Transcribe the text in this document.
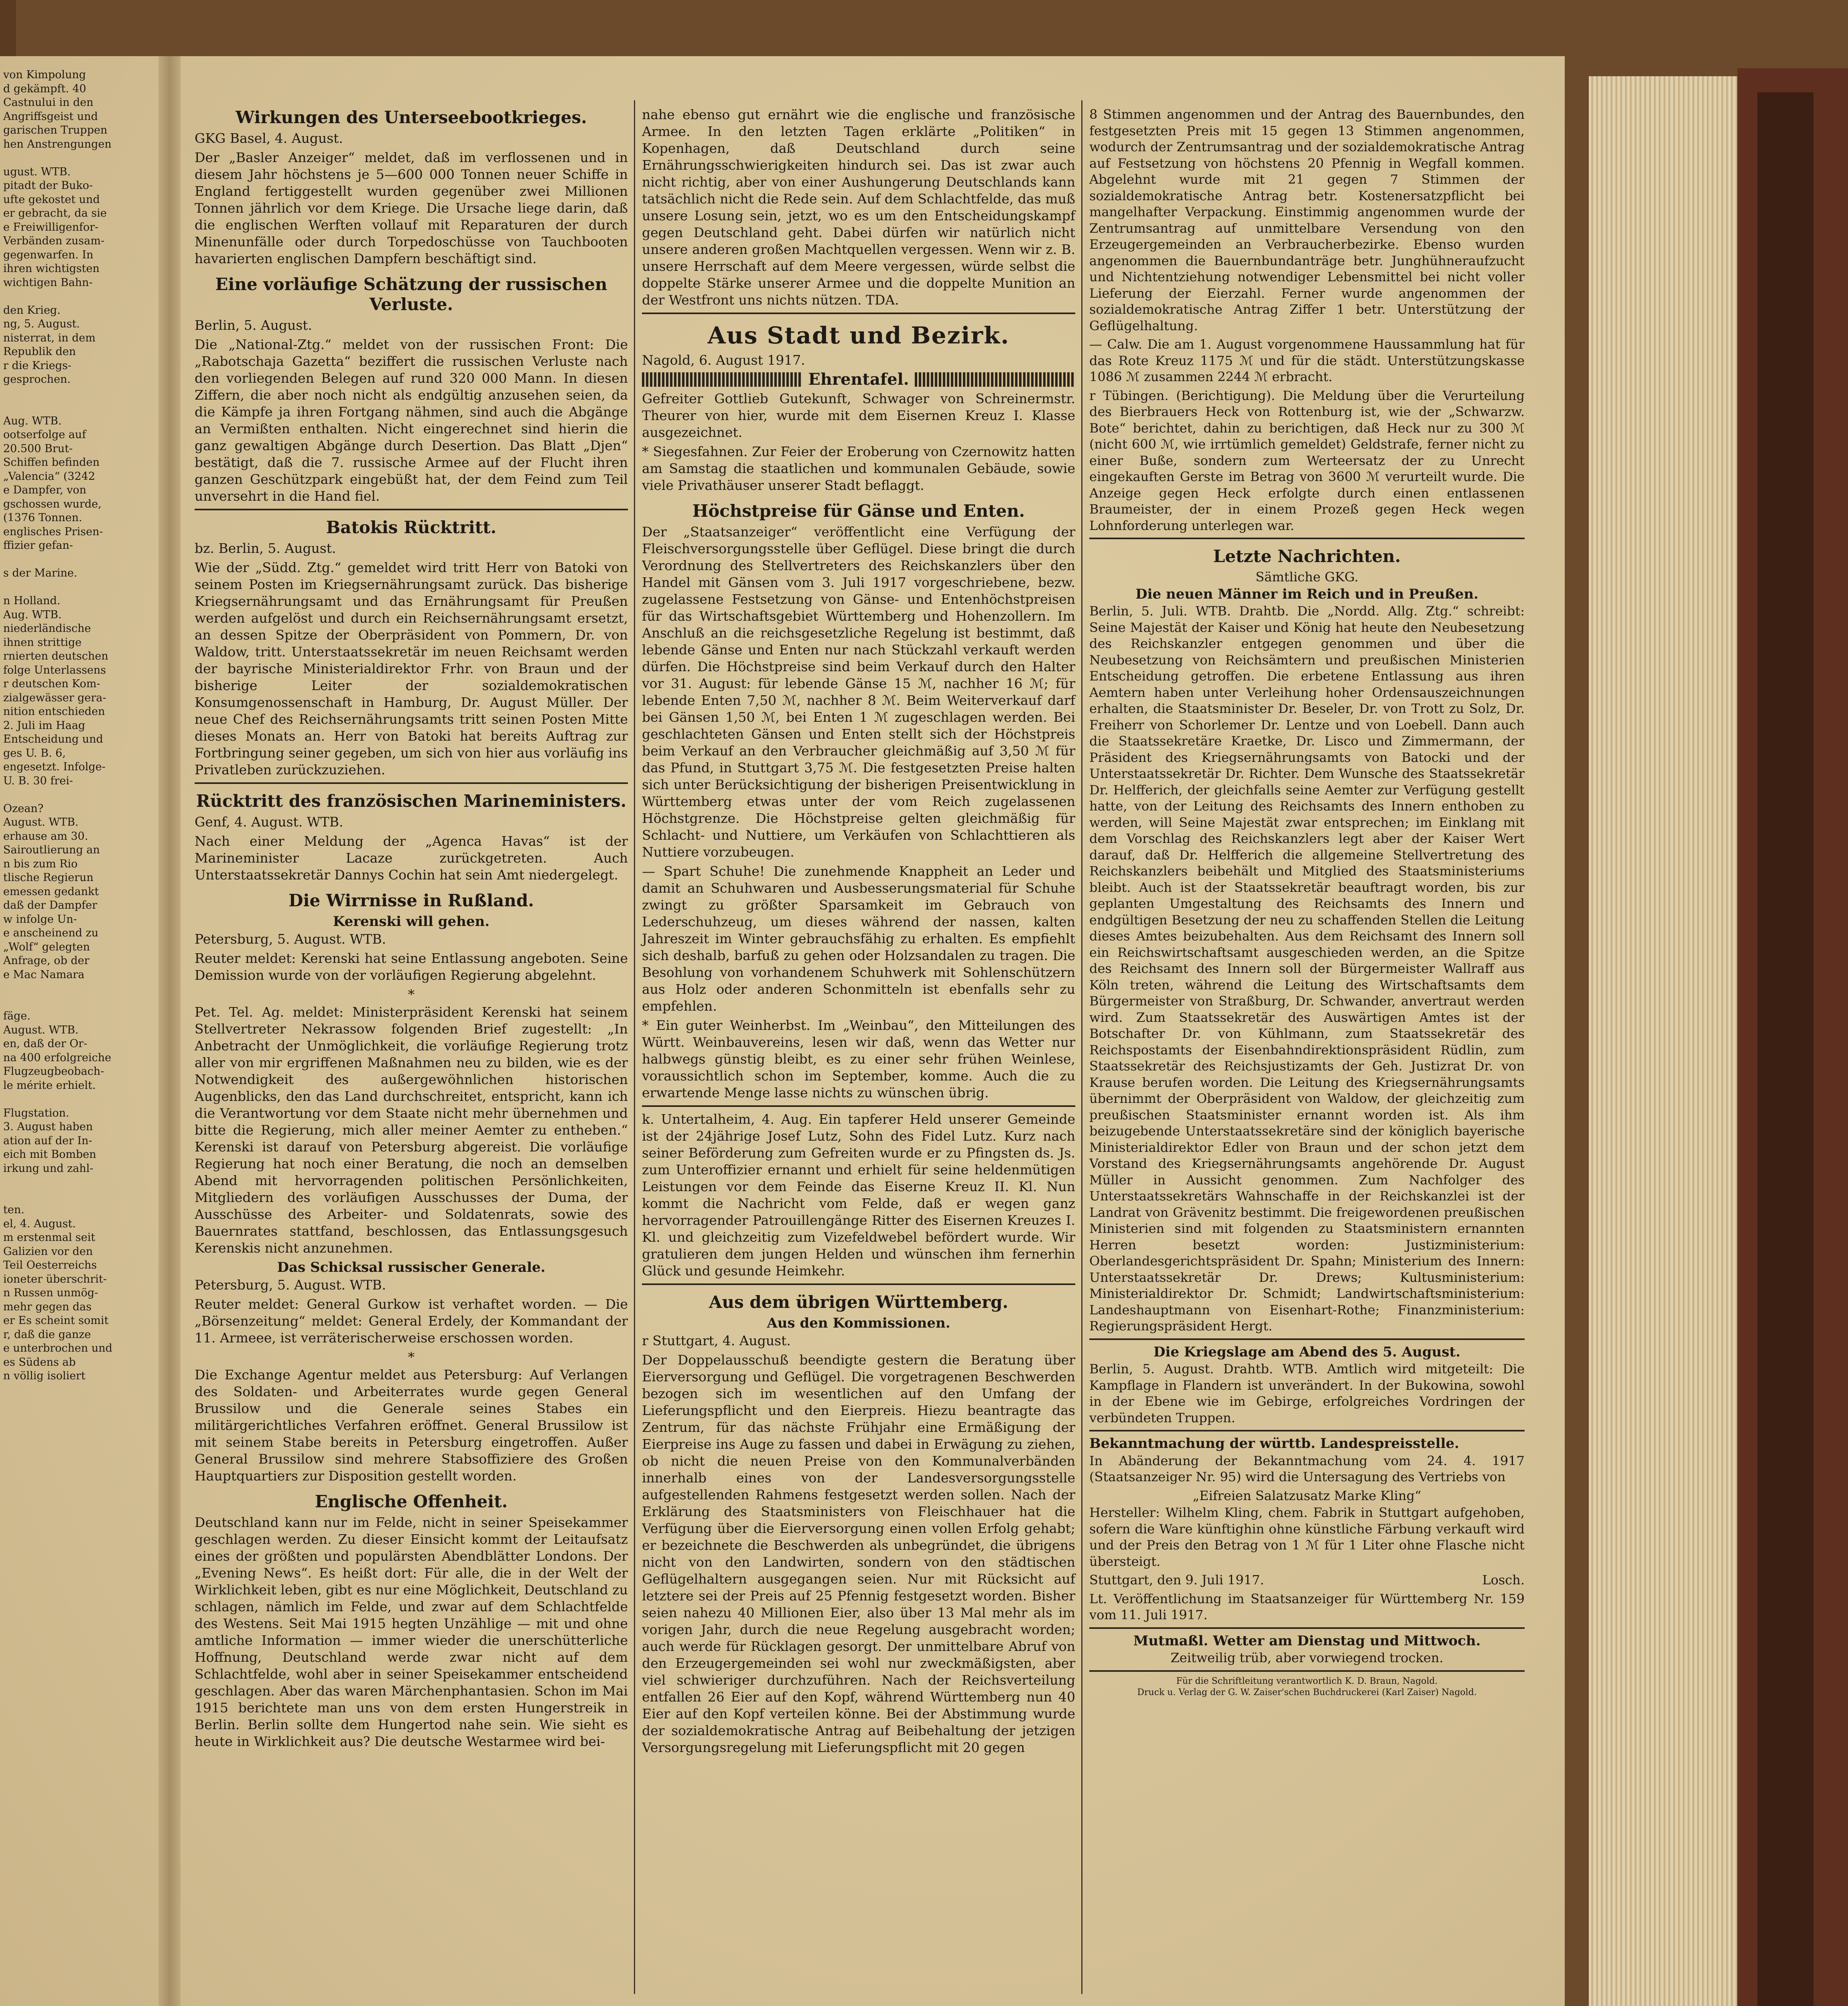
von Kimpolung

d gekämpft. 40

Castnului in den

Angriffsgeist und

garischen Truppen

hen Anstrengungen

ugust. WTB.

pitadt der Buko-

ufte gekostet und

er gebracht, da sie

e Freiwilligenfor-

Verbänden zusam-

gegenwarfen. In

ihren wichtigsten

wichtigen Bahn-

den Krieg.

ng, 5. August.

nisterrat, in dem

Republik den

r die Kriegs-

gesprochen.

Aug. WTB.

ootserfolge auf

20.500 Brut-

Schiffen befinden

„Valencia“ (3242

e Dampfer, von

gschossen wurde,

(1376 Tonnen.

englisches Prisen-

ffizier gefan-

s der Marine.

n Holland.

Aug. WTB.

niederländische

ihnen strittige

rnierten deutschen

folge Unterlassens

r deutschen Kom-

zialgewässer gera-

nition entschieden

2. Juli im Haag

Entscheidung und

ges U. B. 6,

engesetzt. Infolge-

U. B. 30 frei-

Ozean?

August. WTB.

erhause am 30.

Sairoutlierung an

n bis zum Rio

tlische Regierun

emessen gedankt

daß der Dampfer

w infolge Un-

e anscheinend zu

„Wolf“ gelegten

Anfrage, ob der

e Mac Namara

fäge.

August. WTB.

en, daß der Or-

na 400 erfolgreiche

Flugzeugbeobach-

le mérite erhielt.

Flugstation.

3. August haben

ation auf der In-

eich mit Bomben

irkung und zahl-

ten.

el, 4. August.

m erstenmal seit

Galizien vor den

Teil Oesterreichs

ioneter überschrit-

n Russen unmög-

mehr gegen das

er Es scheint somit

r, daß die ganze

e unterbrochen und

es Südens ab

n völlig isoliert

Wirkungen des Unterseebootkrieges.

GKG Basel, 4. August.

Der „Basler Anzeiger“ meldet, daß im verflossenen und in diesem Jahr höchstens je 5—600 000 Tonnen neuer Schiffe in England fertiggestellt wurden gegenüber zwei Millionen Tonnen jährlich vor dem Kriege. Die Ursache liege darin, daß die englischen Werften vollauf mit Reparaturen der durch Minenunfälle oder durch Torpedoschüsse von Tauchbooten havarierten englischen Dampfern beschäftigt sind.

Eine vorläufige Schätzung der russischen Verluste.

Berlin, 5. August.

Die „National-Ztg.“ meldet von der russischen Front: Die „Rabotschaja Gazetta“ beziffert die russischen Verluste nach den vorliegenden Belegen auf rund 320 000 Mann. In diesen Ziffern, die aber noch nicht als endgültig anzusehen seien, da die Kämpfe ja ihren Fortgang nähmen, sind auch die Abgänge an Vermißten enthalten. Nicht eingerechnet sind hierin die ganz gewaltigen Abgänge durch Desertion. Das Blatt „Djen“ bestätigt, daß die 7. russische Armee auf der Flucht ihren ganzen Geschützpark eingebüßt hat, der dem Feind zum Teil unversehrt in die Hand fiel.

Batokis Rücktritt.

bz. Berlin, 5. August.

Wie der „Südd. Ztg.“ gemeldet wird tritt Herr von Batoki von seinem Posten im Kriegsernährungsamt zurück. Das bisherige Kriegsernährungsamt und das Ernährungsamt für Preußen werden aufgelöst und durch ein Reichsernährungsamt ersetzt, an dessen Spitze der Oberpräsident von Pommern, Dr. von Waldow, tritt. Unterstaatssekretär im neuen Reichsamt werden der bayrische Ministerialdirektor Frhr. von Braun und der bisherige Leiter der sozialdemokratischen Konsumgenossenschaft in Hamburg, Dr. August Müller. Der neue Chef des Reichsernährungsamts tritt seinen Posten Mitte dieses Monats an. Herr von Batoki hat bereits Auftrag zur Fortbringung seiner gegeben, um sich von hier aus vorläufig ins Privatleben zurückzuziehen.

Rücktritt des französischen Marineministers.

Genf, 4. August. WTB.

Nach einer Meldung der „Agenca Havas“ ist der Marineminister Lacaze zurückgetreten. Auch Unterstaatssekretär Dannys Cochin hat sein Amt niedergelegt.

Die Wirrnisse in Rußland.
Kerenski will gehen.

Petersburg, 5. August. WTB.

Reuter meldet: Kerenski hat seine Entlassung angeboten. Seine Demission wurde von der vorläufigen Regierung abgelehnt.

*

Pet. Tel. Ag. meldet: Ministerpräsident Kerenski hat seinem Stellvertreter Nekrassow folgenden Brief zugestellt: „In Anbetracht der Unmöglichkeit, die vorläufige Regierung trotz aller von mir ergriffenen Maßnahmen neu zu bilden, wie es der Notwendigkeit des außergewöhnlichen historischen Augenblicks, den das Land durchschreitet, entspricht, kann ich die Verantwortung vor dem Staate nicht mehr übernehmen und bitte die Regierung, mich aller meiner Aemter zu entheben.“ Kerenski ist darauf von Petersburg abgereist. Die vorläufige Regierung hat noch einer Beratung, die noch an demselben Abend mit hervorragenden politischen Persönlichkeiten, Mitgliedern des vorläufigen Ausschusses der Duma, der Ausschüsse des Arbeiter- und Soldatenrats, sowie des Bauernrates stattfand, beschlossen, das Entlassungsgesuch Kerenskis nicht anzunehmen.

Das Schicksal russischer Generale.

Petersburg, 5. August. WTB.

Reuter meldet: General Gurkow ist verhaftet worden. — Die „Börsenzeitung“ meldet: General Erdely, der Kommandant der 11. Armeee, ist verräterischerweise erschossen worden.

*

Die Exchange Agentur meldet aus Petersburg: Auf Verlangen des Soldaten- und Arbeiterrates wurde gegen General Brussilow und die Generale seines Stabes ein militärgerichtliches Verfahren eröffnet. General Brussilow ist mit seinem Stabe bereits in Petersburg eingetroffen. Außer General Brussilow sind mehrere Stabsoffiziere des Großen Hauptquartiers zur Disposition gestellt worden.

Englische Offenheit.

Deutschland kann nur im Felde, nicht in seiner Speisekammer geschlagen werden. Zu dieser Einsicht kommt der Leitaufsatz eines der größten und populärsten Abendblätter Londons. Der „Evening News“. Es heißt dort: Für alle, die in der Welt der Wirklichkeit leben, gibt es nur eine Möglichkeit, Deutschland zu schlagen, nämlich im Felde, und zwar auf dem Schlachtfelde des Westens. Seit Mai 1915 hegten Unzählige — mit und ohne amtliche Information — immer wieder die unerschütterliche Hoffnung, Deutschland werde zwar nicht auf dem Schlachtfelde, wohl aber in seiner Speisekammer entscheidend geschlagen. Aber das waren Märchenphantasien. Schon im Mai 1915 berichtete man uns von dem ersten Hungerstreik in Berlin. Berlin sollte dem Hungertod nahe sein. Wie sieht es heute in Wirklichkeit aus? Die deutsche Westarmee wird bei-

nahe ebenso gut ernährt wie die englische und französische Armee. In den letzten Tagen erklärte „Politiken“ in Kopenhagen, daß Deutschland durch seine Ernährungsschwierigkeiten hindurch sei. Das ist zwar auch nicht richtig, aber von einer Aushungerung Deutschlands kann tatsächlich nicht die Rede sein. Auf dem Schlachtfelde, das muß unsere Losung sein, jetzt, wo es um den Entscheidungskampf gegen Deutschland geht. Dabei dürfen wir natürlich nicht unsere anderen großen Machtquellen vergessen. Wenn wir z. B. unsere Herrschaft auf dem Meere vergessen, würde selbst die doppelte Stärke unserer Armee und die doppelte Munition an der Westfront uns nichts nützen. TDA.

Aus Stadt und Bezirk.

Nagold, 6. August 1917.

Ehrentafel.

Gefreiter Gottlieb Gutekunft, Schwager von Schreinermstr. Theurer von hier, wurde mit dem Eisernen Kreuz I. Klasse ausgezeichnet.

* Siegesfahnen. Zur Feier der Eroberung von Czernowitz hatten am Samstag die staatlichen und kommunalen Gebäude, sowie viele Privathäuser unserer Stadt beflaggt.

Höchstpreise für Gänse und Enten.

Der „Staatsanzeiger“ veröffentlicht eine Verfügung der Fleischversorgungsstelle über Geflügel. Diese bringt die durch Verordnung des Stellvertreters des Reichskanzlers über den Handel mit Gänsen vom 3. Juli 1917 vorgeschriebene, bezw. zugelassene Festsetzung von Gänse- und Entenhöchstpreisen für das Wirtschaftsgebiet Württemberg und Hohenzollern. Im Anschluß an die reichsgesetzliche Regelung ist bestimmt, daß lebende Gänse und Enten nur nach Stückzahl verkauft werden dürfen. Die Höchstpreise sind beim Verkauf durch den Halter vor 31. August: für lebende Gänse 15 ℳ, nachher 16 ℳ; für lebende Enten 7,50 ℳ, nachher 8 ℳ. Beim Weiterverkauf darf bei Gänsen 1,50 ℳ, bei Enten 1 ℳ zugeschlagen werden. Bei geschlachteten Gänsen und Enten stellt sich der Höchstpreis beim Verkauf an den Verbraucher gleichmäßig auf 3,50 ℳ für das Pfund, in Stuttgart 3,75 ℳ. Die festgesetzten Preise halten sich unter Berücksichtigung der bisherigen Preisentwicklung in Württemberg etwas unter der vom Reich zugelassenen Höchstgrenze. Die Höchstpreise gelten gleichmäßig für Schlacht- und Nuttiere, um Verkäufen von Schlachttieren als Nuttiere vorzubeugen.

— Spart Schuhe! Die zunehmende Knappheit an Leder und damit an Schuhwaren und Ausbesserungsmaterial für Schuhe zwingt zu größter Sparsamkeit im Gebrauch von Lederschuhzeug, um dieses während der nassen, kalten Jahreszeit im Winter gebrauchsfähig zu erhalten. Es empfiehlt sich deshalb, barfuß zu gehen oder Holzsandalen zu tragen. Die Besohlung von vorhandenem Schuhwerk mit Sohlenschützern aus Holz oder anderen Schonmitteln ist ebenfalls sehr zu empfehlen.

* Ein guter Weinherbst. Im „Weinbau“, den Mitteilungen des Württ. Weinbauvereins, lesen wir daß, wenn das Wetter nur halbwegs günstig bleibt, es zu einer sehr frühen Weinlese, voraussichtlich schon im September, komme. Auch die zu erwartende Menge lasse nichts zu wünschen übrig.

k. Untertalheim, 4. Aug. Ein tapferer Held unserer Gemeinde ist der 24jährige Josef Lutz, Sohn des Fidel Lutz. Kurz nach seiner Beförderung zum Gefreiten wurde er zu Pfingsten ds. Js. zum Unteroffizier ernannt und erhielt für seine heldenmütigen Leistungen vor dem Feinde das Eiserne Kreuz II. Kl. Nun kommt die Nachricht vom Felde, daß er wegen ganz hervorragender Patrouillengänge Ritter des Eisernen Kreuzes I. Kl. und gleichzeitig zum Vizefeldwebel befördert wurde. Wir gratulieren dem jungen Helden und wünschen ihm fernerhin Glück und gesunde Heimkehr.

Aus dem übrigen Württemberg.
Aus den Kommissionen.

r Stuttgart, 4. August.

Der Doppelausschuß beendigte gestern die Beratung über Eierversorgung und Geflügel. Die vorgetragenen Beschwerden bezogen sich im wesentlichen auf den Umfang der Lieferungspflicht und den Eierpreis. Hiezu beantragte das Zentrum, für das nächste Frühjahr eine Ermäßigung der Eierpreise ins Auge zu fassen und dabei in Erwägung zu ziehen, ob nicht die neuen Preise von den Kommunalverbänden innerhalb eines von der Landesversorgungsstelle aufgestellenden Rahmens festgesetzt werden sollen. Nach der Erklärung des Staatsministers von Fleischhauer hat die Verfügung über die Eierversorgung einen vollen Erfolg gehabt; er bezeichnete die Beschwerden als unbegründet, die übrigens nicht von den Landwirten, sondern von den städtischen Geflügelhaltern ausgegangen seien. Nur mit Rücksicht auf letztere sei der Preis auf 25 Pfennig festgesetzt worden. Bisher seien nahezu 40 Millionen Eier, also über 13 Mal mehr als im vorigen Jahr, durch die neue Regelung ausgebracht worden; auch werde für Rücklagen gesorgt. Der unmittelbare Abruf von den Erzeugergemeinden sei wohl nur zweckmäßigsten, aber viel schwieriger durchzuführen. Nach der Reichsverteilung entfallen 26 Eier auf den Kopf, während Württemberg nun 40 Eier auf den Kopf verteilen könne. Bei der Abstimmung wurde der sozialdemokratische Antrag auf Beibehaltung der jetzigen Versorgungsregelung mit Lieferungspflicht mit 20 gegen

8 Stimmen angenommen und der Antrag des Bauernbundes, den festgesetzten Preis mit 15 gegen 13 Stimmen angenommen, wodurch der Zentrumsantrag und der sozialdemokratische Antrag auf Festsetzung von höchstens 20 Pfennig in Wegfall kommen. Abgelehnt wurde mit 21 gegen 7 Stimmen der sozialdemokratische Antrag betr. Kostenersatzpflicht bei mangelhafter Verpackung. Einstimmig angenommen wurde der Zentrumsantrag auf unmittelbare Versendung von den Erzeugergemeinden an Verbraucherbezirke. Ebenso wurden angenommen die Bauernbundanträge betr. Junghühneraufzucht und Nichtentziehung notwendiger Lebensmittel bei nicht voller Lieferung der Eierzahl. Ferner wurde angenommen der sozialdemokratische Antrag Ziffer 1 betr. Unterstützung der Geflügelhaltung.

— Calw. Die am 1. August vorgenommene Haussammlung hat für das Rote Kreuz 1175 ℳ und für die städt. Unterstützungskasse 1086 ℳ zusammen 2244 ℳ erbracht.

r Tübingen. (Berichtigung). Die Meldung über die Verurteilung des Bierbrauers Heck von Rottenburg ist, wie der „Schwarzw. Bote“ berichtet, dahin zu berichtigen, daß Heck nur zu 300 ℳ (nicht 600 ℳ, wie irrtümlich gemeldet) Geldstrafe, ferner nicht zu einer Buße, sondern zum Werteersatz der zu Unrecht eingekauften Gerste im Betrag von 3600 ℳ verurteilt wurde. Die Anzeige gegen Heck erfolgte durch einen entlassenen Braumeister, der in einem Prozeß gegen Heck wegen Lohnforderung unterlegen war.

Letzte Nachrichten.
Sämtliche GKG.
Die neuen Männer im Reich und in Preußen.

Berlin, 5. Juli. WTB. Drahtb. Die „Nordd. Allg. Ztg.“ schreibt: Seine Majestät der Kaiser und König hat heute den Neubesetzung des Reichskanzler entgegen genommen und über die Neubesetzung von Reichsämtern und preußischen Ministerien Entscheidung getroffen. Die erbetene Entlassung aus ihren Aemtern haben unter Verleihung hoher Ordensauszeichnungen erhalten, die Staatsminister Dr. Beseler, Dr. von Trott zu Solz, Dr. Freiherr von Schorlemer Dr. Lentze und von Loebell. Dann auch die Staatssekretäre Kraetke, Dr. Lisco und Zimmermann, der Präsident des Kriegsernährungsamts von Batocki und der Unterstaatssekretär Dr. Richter. Dem Wunsche des Staatssekretär Dr. Helfferich, der gleichfalls seine Aemter zur Verfügung gestellt hatte, von der Leitung des Reichsamts des Innern enthoben zu werden, will Seine Majestät zwar entsprechen; im Einklang mit dem Vorschlag des Reichskanzlers legt aber der Kaiser Wert darauf, daß Dr. Helfferich die allgemeine Stellvertretung des Reichskanzlers beibehält und Mitglied des Staatsministeriums bleibt. Auch ist der Staatssekretär beauftragt worden, bis zur geplanten Umgestaltung des Reichsamts des Innern und endgültigen Besetzung der neu zu schaffenden Stellen die Leitung dieses Amtes beizubehalten. Aus dem Reichsamt des Innern soll ein Reichswirtschaftsamt ausgeschieden werden, an die Spitze des Reichsamt des Innern soll der Bürgermeister Wallraff aus Köln treten, während die Leitung des Wirtschaftsamts dem Bürgermeister von Straßburg, Dr. Schwander, anvertraut werden wird. Zum Staatssekretär des Auswärtigen Amtes ist der Botschafter Dr. von Kühlmann, zum Staatssekretär des Reichspostamts der Eisenbahndirektionspräsident Rüdlin, zum Staatssekretär des Reichsjustizamts der Geh. Justizrat Dr. von Krause berufen worden. Die Leitung des Kriegsernährungsamts übernimmt der Oberpräsident von Waldow, der gleichzeitig zum preußischen Staatsminister ernannt worden ist. Als ihm beizugebende Unterstaatssekretäre sind der königlich bayerische Ministerialdirektor Edler von Braun und der schon jetzt dem Vorstand des Kriegsernährungsamts angehörende Dr. August Müller in Aussicht genommen. Zum Nachfolger des Unterstaatssekretärs Wahnschaffe in der Reichskanzlei ist der Landrat von Grävenitz bestimmt. Die freigewordenen preußischen Ministerien sind mit folgenden zu Staatsministern ernannten Herren besetzt worden: Justizministerium: Oberlandesgerichtspräsident Dr. Spahn; Ministerium des Innern: Unterstaatssekretär Dr. Drews; Kultusministerium: Ministerialdirektor Dr. Schmidt; Landwirtschaftsministerium: Landeshauptmann von Eisenhart-Rothe; Finanzministerium: Regierungspräsident Hergt.

Die Kriegslage am Abend des 5. August.

Berlin, 5. August. Drahtb. WTB. Amtlich wird mitgeteilt: Die Kampflage in Flandern ist unverändert. In der Bukowina, sowohl in der Ebene wie im Gebirge, erfolgreiches Vordringen der verbündeten Truppen.

Bekanntmachung der württb. Landespreisstelle.

In Abänderung der Bekanntmachung vom 24. 4. 1917 (Staatsanzeiger Nr. 95) wird die Untersagung des Vertriebs von

„Eifreien Salatzusatz Marke Kling“

Hersteller: Wilhelm Kling, chem. Fabrik in Stuttgart aufgehoben, sofern die Ware künftighin ohne künstliche Färbung verkauft wird und der Preis den Betrag von 1 ℳ für 1 Liter ohne Flasche nicht übersteigt.

Stuttgart, den 9. Juli 1917.	Losch.

Lt. Veröffentlichung im Staatsanzeiger für Württemberg Nr. 159 vom 11. Juli 1917.

Mutmaßl. Wetter am Dienstag und Mittwoch.
Zeitweilig trüb, aber vorwiegend trocken.
Für die Schriftleitung verantwortlich K. D. Braun, Nagold.
Druck u. Verlag der G. W. Zaiser'schen Buchdruckerei (Karl Zaiser) Nagold.
